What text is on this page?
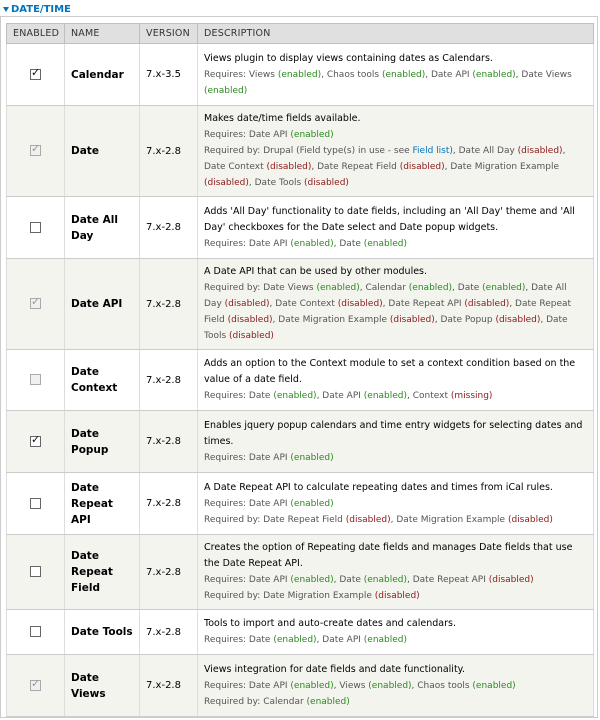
DATE/TIME
ENABLED	NAME	VERSION	DESCRIPTION

✓	Calendar	7.x-3.5	Views plugin to display views containing dates as Calendars.
Requires: Views (enabled), Chaos tools (enabled), Date API (enabled), Date Views (enabled)

✓	Date	7.x-2.8	Makes date/time fields available.
Requires: Date API (enabled)
Required by: Drupal (Field type(s) in use - see Field list), Date All Day (disabled), Date Context (disabled), Date Repeat Field (disabled), Date Migration Example (disabled), Date Tools (disabled)

	Date All Day	7.x-2.8	Adds 'All Day' functionality to date fields, including an 'All Day' theme and 'All Day' checkboxes for the Date select and Date popup widgets.
Requires: Date API (enabled), Date (enabled)

✓	Date API	7.x-2.8	A Date API that can be used by other modules.
Required by: Date Views (enabled), Calendar (enabled), Date (enabled), Date All Day (disabled), Date Context (disabled), Date Repeat API (disabled), Date Repeat Field (disabled), Date Migration Example (disabled), Date Popup (disabled), Date Tools (disabled)

	Date Context	7.x-2.8	Adds an option to the Context module to set a context condition based on the value of a date field.
Requires: Date (enabled), Date API (enabled), Context (missing)

✓	Date Popup	7.x-2.8	Enables jquery popup calendars and time entry widgets for selecting dates and times.
Requires: Date API (enabled)

	Date Repeat API	7.x-2.8	A Date Repeat API to calculate repeating dates and times from iCal rules.
Requires: Date API (enabled)
Required by: Date Repeat Field (disabled), Date Migration Example (disabled)

	Date Repeat Field	7.x-2.8	Creates the option of Repeating date fields and manages Date fields that use the Date Repeat API.
Requires: Date API (enabled), Date (enabled), Date Repeat API (disabled)
Required by: Date Migration Example (disabled)

	Date Tools	7.x-2.8	Tools to import and auto-create dates and calendars.
Requires: Date (enabled), Date API (enabled)

✓	Date Views	7.x-2.8	Views integration for date fields and date functionality.
Requires: Date API (enabled), Views (enabled), Chaos tools (enabled)
Required by: Calendar (enabled)
